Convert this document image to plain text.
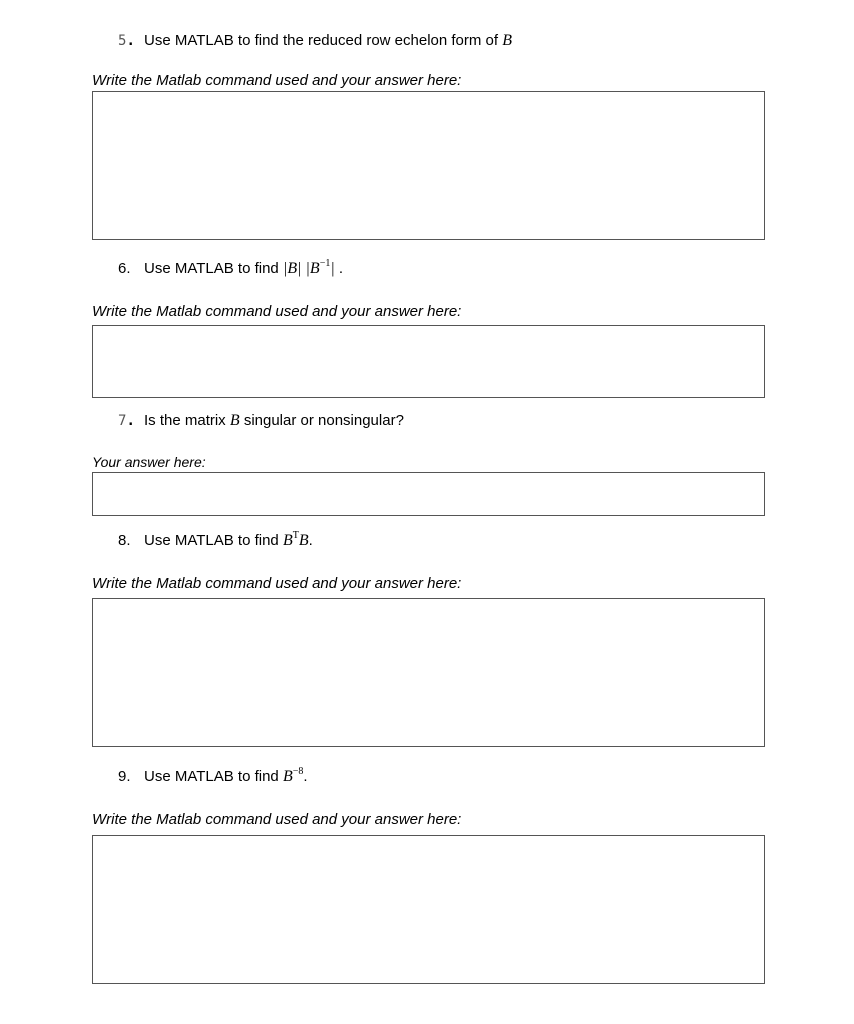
5. Use MATLAB to find the reduced row echelon form of B
Write the Matlab command used and your answer here:
6. Use MATLAB to find |B| $|B^{-1}|$ .
Write the Matlab command used and your answer here:
7. Is the matrix B singular or nonsingular?
Your answer here:
8. Use MATLAB to find $B^TB$.
Write the Matlab command used and your answer here:
9. Use MATLAB to find $B^{-8}$.
Write the Matlab command used and your answer here:
